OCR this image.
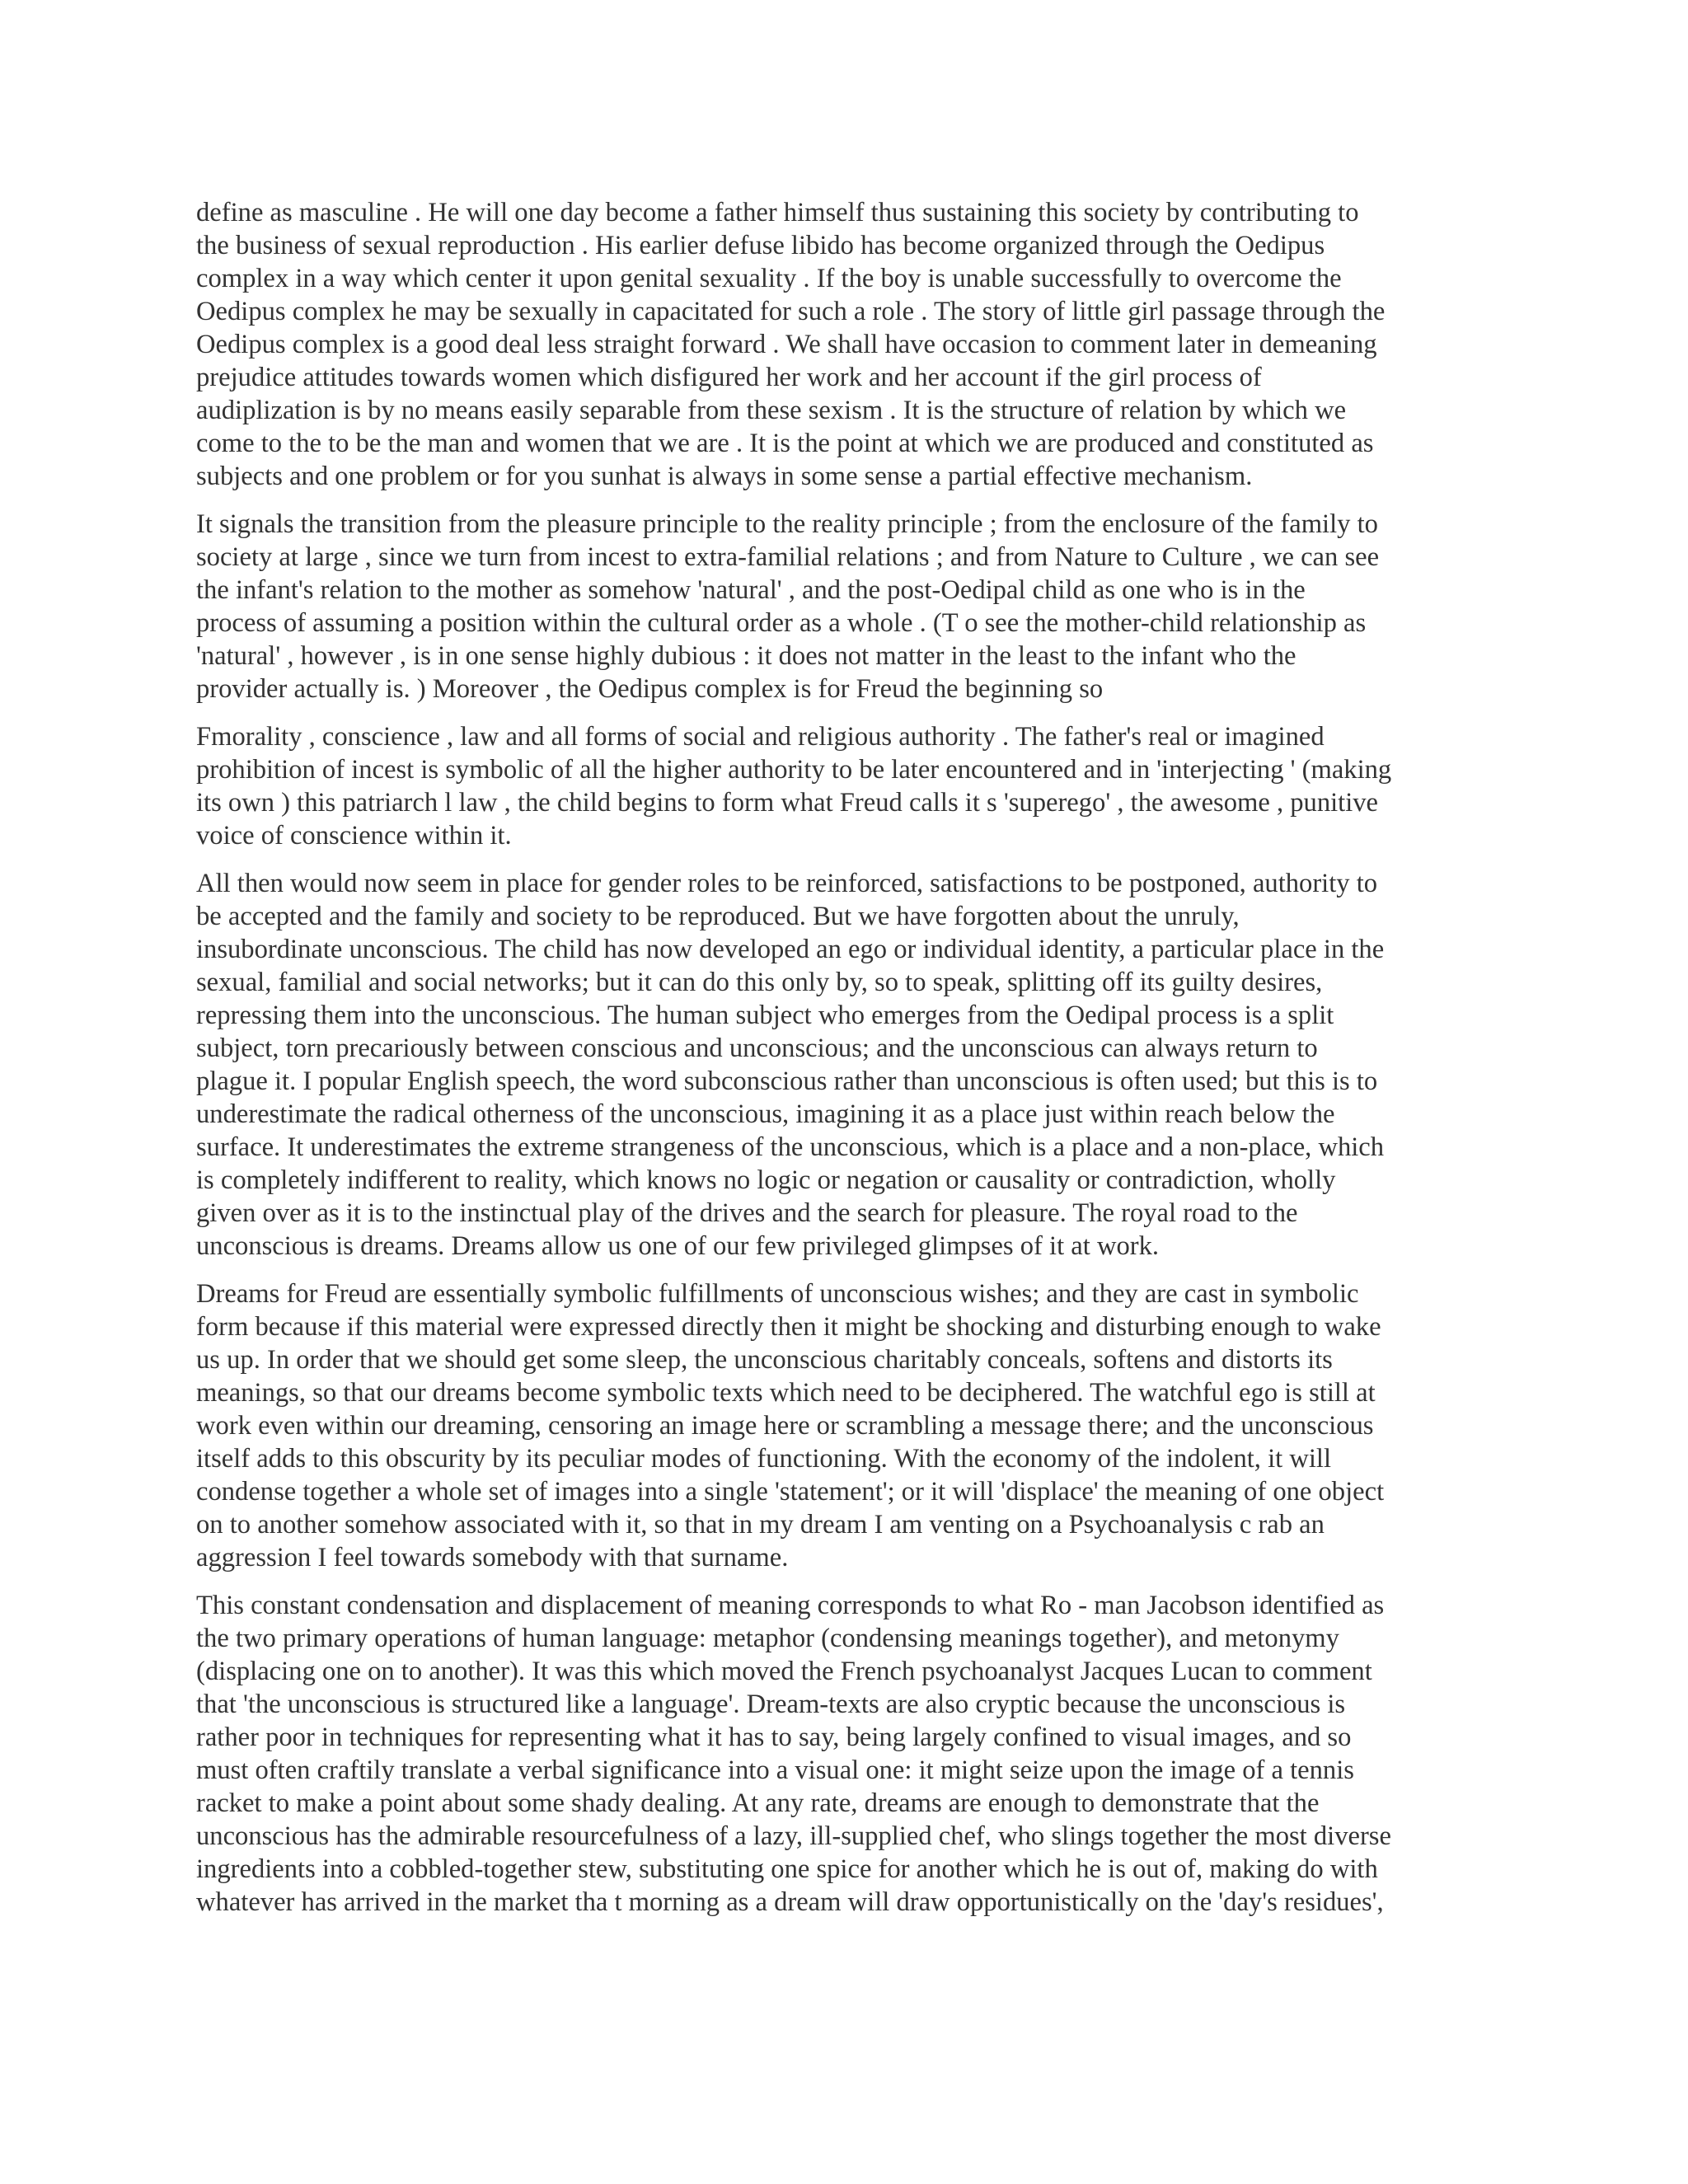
define as masculine . He will one day become a father himself thus sustaining this society by contributing to
the business of sexual reproduction . His earlier defuse libido has become organized through the Oedipus
complex in a way which center it upon genital sexuality . If the boy is unable successfully to overcome the
Oedipus complex he may be sexually in capacitated for such a role . The story of little girl passage through the
Oedipus complex is a good deal less straight forward . We shall have occasion to comment later in demeaning
prejudice attitudes towards women which disfigured her work and her account if the girl process of
audiplization is by no means easily separable from these sexism . It is the structure of relation by which we
come to the to be the man and women that we are . It is the point at which we are produced and constituted as
subjects and one problem or for you sunhat is always in some sense a partial effective mechanism.

It signals the transition from the pleasure principle to the reality principle ; from the enclosure of the family to
society at large , since we turn from incest to extra-familial relations ; and from Nature to Culture , we can see
the infant's relation to the mother as somehow 'natural' , and the post-Oedipal child as one who is in the
process of assuming a position within the cultural order as a whole . (T o see the mother-child relationship as
'natural' , however , is in one sense highly dubious : it does not matter in the least to the infant who the
provider actually is. ) Moreover , the Oedipus complex is for Freud the beginning so

Fmorality , conscience , law and all forms of social and religious authority . The father's real or imagined
prohibition of incest is symbolic of all the higher authority to be later encountered and in 'interjecting ' (making
its own ) this patriarch l law , the child begins to form what Freud calls it s 'superego' , the awesome , punitive
voice of conscience within it.

All then would now seem in place for gender roles to be reinforced, satisfactions to be postponed, authority to
be accepted and the family and society to be reproduced. But we have forgotten about the unruly,
insubordinate unconscious. The child has now developed an ego or individual identity, a particular place in the
sexual, familial and social networks; but it can do this only by, so to speak, splitting off its guilty desires,
repressing them into the unconscious. The human subject who emerges from the Oedipal process is a split
subject, torn precariously between conscious and unconscious; and the unconscious can always return to
plague it. I popular English speech, the word subconscious rather than unconscious is often used; but this is to
underestimate the radical otherness of the unconscious, imagining it as a place just within reach below the
surface. It underestimates the extreme strangeness of the unconscious, which is a place and a non-place, which
is completely indifferent to reality, which knows no logic or negation or causality or contradiction, wholly
given over as it is to the instinctual play of the drives and the search for pleasure. The royal road to the
unconscious is dreams. Dreams allow us one of our few privileged glimpses of it at work.

Dreams for Freud are essentially symbolic fulfillments of unconscious wishes; and they are cast in symbolic
form because if this material were expressed directly then it might be shocking and disturbing enough to wake
us up. In order that we should get some sleep, the unconscious charitably conceals, softens and distorts its
meanings, so that our dreams become symbolic texts which need to be deciphered. The watchful ego is still at
work even within our dreaming, censoring an image here or scrambling a message there; and the unconscious
itself adds to this obscurity by its peculiar modes of functioning. With the economy of the indolent, it will
condense together a whole set of images into a single 'statement'; or it will 'displace' the meaning of one object
on to another somehow associated with it, so that in my dream I am venting on a Psychoanalysis c rab an
aggression I feel towards somebody with that surname.

This constant condensation and displacement of meaning corresponds to what Ro - man Jacobson identified as
the two primary operations of human language: metaphor (condensing meanings together), and metonymy
(displacing one on to another). It was this which moved the French psychoanalyst Jacques Lucan to comment
that 'the unconscious is structured like a language'. Dream-texts are also cryptic because the unconscious is
rather poor in techniques for representing what it has to say, being largely confined to visual images, and so
must often craftily translate a verbal significance into a visual one: it might seize upon the image of a tennis
racket to make a point about some shady dealing. At any rate, dreams are enough to demonstrate that the
unconscious has the admirable resourcefulness of a lazy, ill-supplied chef, who slings together the most diverse
ingredients into a cobbled-together stew, substituting one spice for another which he is out of, making do with
whatever has arrived in the market tha t morning as a dream will draw opportunistically on the 'day's residues',
